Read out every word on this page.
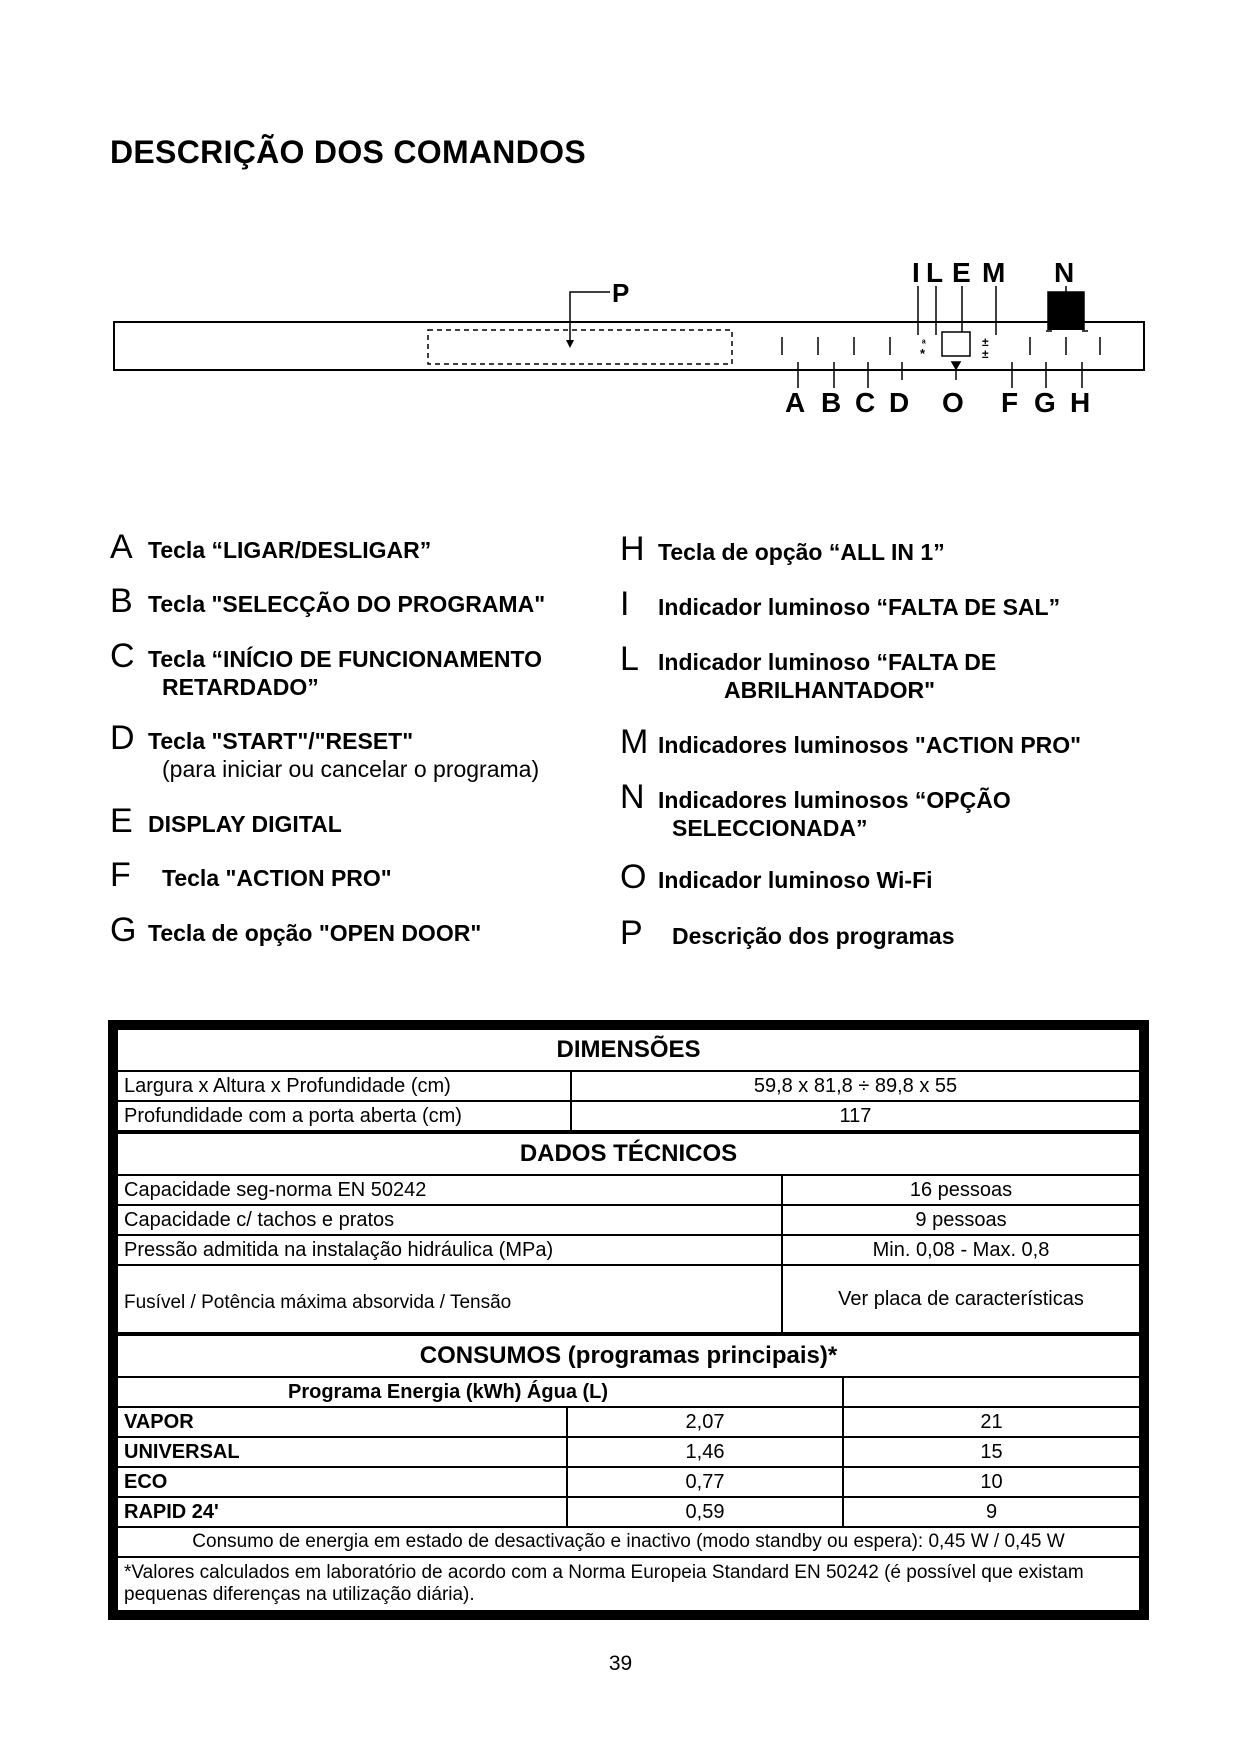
DESCRIÇÃO DOS COMANDOS
P
ᵃ
*
±
±
I L E M N
A B C D O F G H
A Tecla “LIGAR/DESLIGAR”
B Tecla "SELECÇÃO DO PROGRAMA"
C Tecla “INÍCIO DE FUNCIONAMENTO
RETARDADO”
D Tecla "START"/"RESET"
(para iniciar ou cancelar o programa)
E DISPLAY DIGITAL
F	Tecla "ACTION PRO"
G Tecla de opção "OPEN DOOR"
H Tecla de opção “ALL IN 1”
I	Indicador luminoso “FALTA DE SAL”
L Indicador luminoso “FALTA DE
ABRILHANTADOR"
M Indicadores luminosos "ACTION PRO"
N Indicadores luminosos “OPÇÃO
SELECCIONADA”
O Indicador luminoso Wi-Fi
P	Descrição dos programas
DIMENSÕES	
Largura x Altura x Profundidade (cm)	59,8 x 81,8 ÷ 89,8 x 55
Profundidade com a porta aberta (cm)	117
DADOS TÉCNICOS	
Capacidade seg-norma EN 50242	16 pessoas
Capacidade c/ tachos e pratos	9 pessoas
Pressão admitida na instalação hidráulica (MPa)	Min. 0,08 - Max. 0,8
Fusível / Potência máxima absorvida / Tensão	Ver placa de características
CONSUMOS (programas principais)*		
Programa Energia (kWh) Água (L)		
VAPOR	2,07	21
UNIVERSAL	1,46	15
ECO	0,77	10
RAPID 24'	0,59	9
Consumo de energia em estado de desactivação e inactivo (modo standby ou espera): 0,45 W / 0,45 W		
*Valores calculados em laboratório de acordo com a Norma Europeia Standard EN 50242 (é possível que existam pequenas diferenças na utilização diária).		
39
